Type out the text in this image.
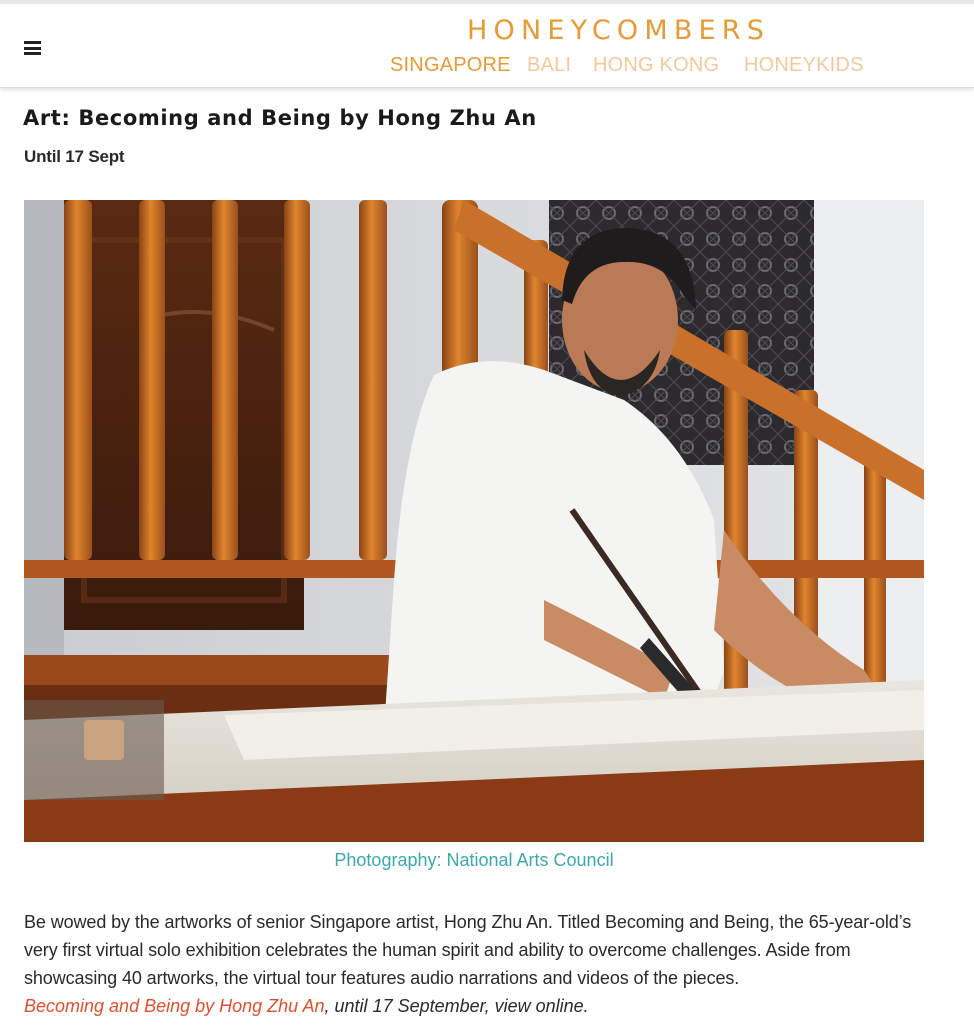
HONEYCOMBERS
SINGAPORE BALI HONG KONG HONEYKIDS
Art: Becoming and Being by Hong Zhu An
Until 17 Sept
Photography: National Arts Council

Be wowed by the artworks of senior Singapore artist, Hong Zhu An. Titled Becoming and Being, the 65-year-old’s very first virtual solo exhibition celebrates the human spirit and ability to overcome challenges. Aside from showcasing 40 artworks, the virtual tour features audio narrations and videos of the pieces.

Becoming and Being by Hong Zhu An, until 17 September, view online.
